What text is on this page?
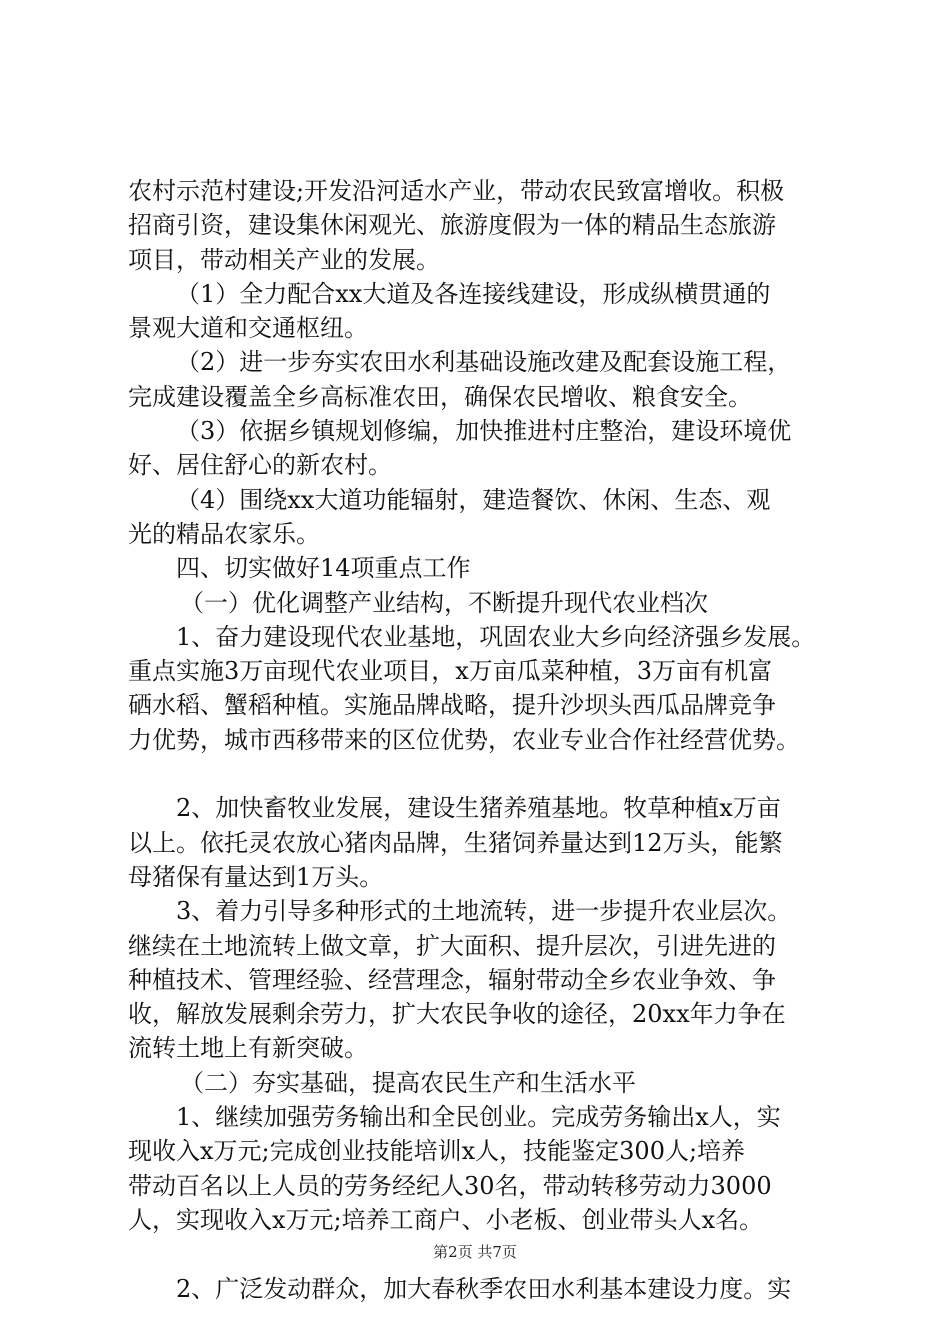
农村示范村建设;开发沿河适水产业，带动农民致富增收。积极
招商引资，建设集休闲观光、旅游度假为一体的精品生态旅游
项目，带动相关产业的发展。
（1）全力配合xx大道及各连接线建设，形成纵横贯通的
景观大道和交通枢纽。
（2）进一步夯实农田水利基础设施改建及配套设施工程，
完成建设覆盖全乡高标准农田，确保农民增收、粮食安全。
（3）依据乡镇规划修编，加快推进村庄整治，建设环境优
好、居住舒心的新农村。
（4）围绕xx大道功能辐射，建造餐饮、休闲、生态、观
光的精品农家乐。
四、切实做好14项重点工作
（一）优化调整产业结构，不断提升现代农业档次
1、奋力建设现代农业基地，巩固农业大乡向经济强乡发展。
重点实施3万亩现代农业项目，x万亩瓜菜种植，3万亩有机富
硒水稻、蟹稻种植。实施品牌战略，提升沙坝头西瓜品牌竞争
力优势，城市西移带来的区位优势，农业专业合作社经营优势。
2、加快畜牧业发展，建设生猪养殖基地。牧草种植x万亩
以上。依托灵农放心猪肉品牌，生猪饲养量达到12万头，能繁
母猪保有量达到1万头。
3、着力引导多种形式的土地流转，进一步提升农业层次。
继续在土地流转上做文章，扩大面积、提升层次，引进先进的
种植技术、管理经验、经营理念，辐射带动全乡农业争效、争
收，解放发展剩余劳力，扩大农民争收的途径，20xx年力争在
流转土地上有新突破。
（二）夯实基础，提高农民生产和生活水平
1、继续加强劳务输出和全民创业。完成劳务输出x人，实
现收入x万元;完成创业技能培训x人，技能鉴定300人;培养
带动百名以上人员的劳务经纪人30名，带动转移劳动力3000
人，实现收入x万元;培养工商户、小老板、创业带头人x名。
2、广泛发动群众，加大春秋季农田水利基本建设力度。实
第2页 共7页
